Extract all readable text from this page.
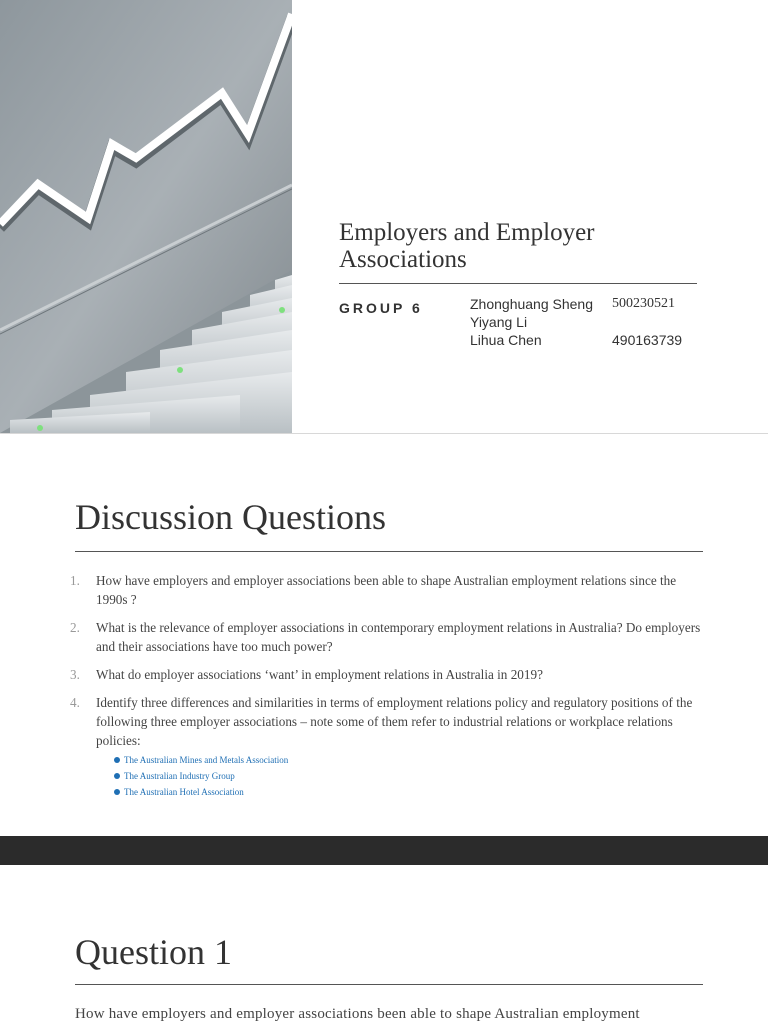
Employers and Employer Associations
GROUP 6	Zhonghuang Sheng 500230521
Yiyang Li
Lihua Chen	490163739
Discussion Questions
1. How have employers and employer associations been able to shape Australian employment relations since the 1990s ?
2. What is the relevance of employer associations in contemporary employment relations in Australia? Do employers and their associations have too much power?
3. What do employer associations ‘want’ in employment relations in Australia in 2019?
4. Identify three differences and similarities in terms of employment relations policy and regulatory positions of the following three employer associations – note some of them refer to industrial relations or workplace relations policies:
The Australian Mines and Metals Association
The Australian Industry Group
The Australian Hotel Association
Question 1
How have employers and employer associations been able to shape Australian employment
